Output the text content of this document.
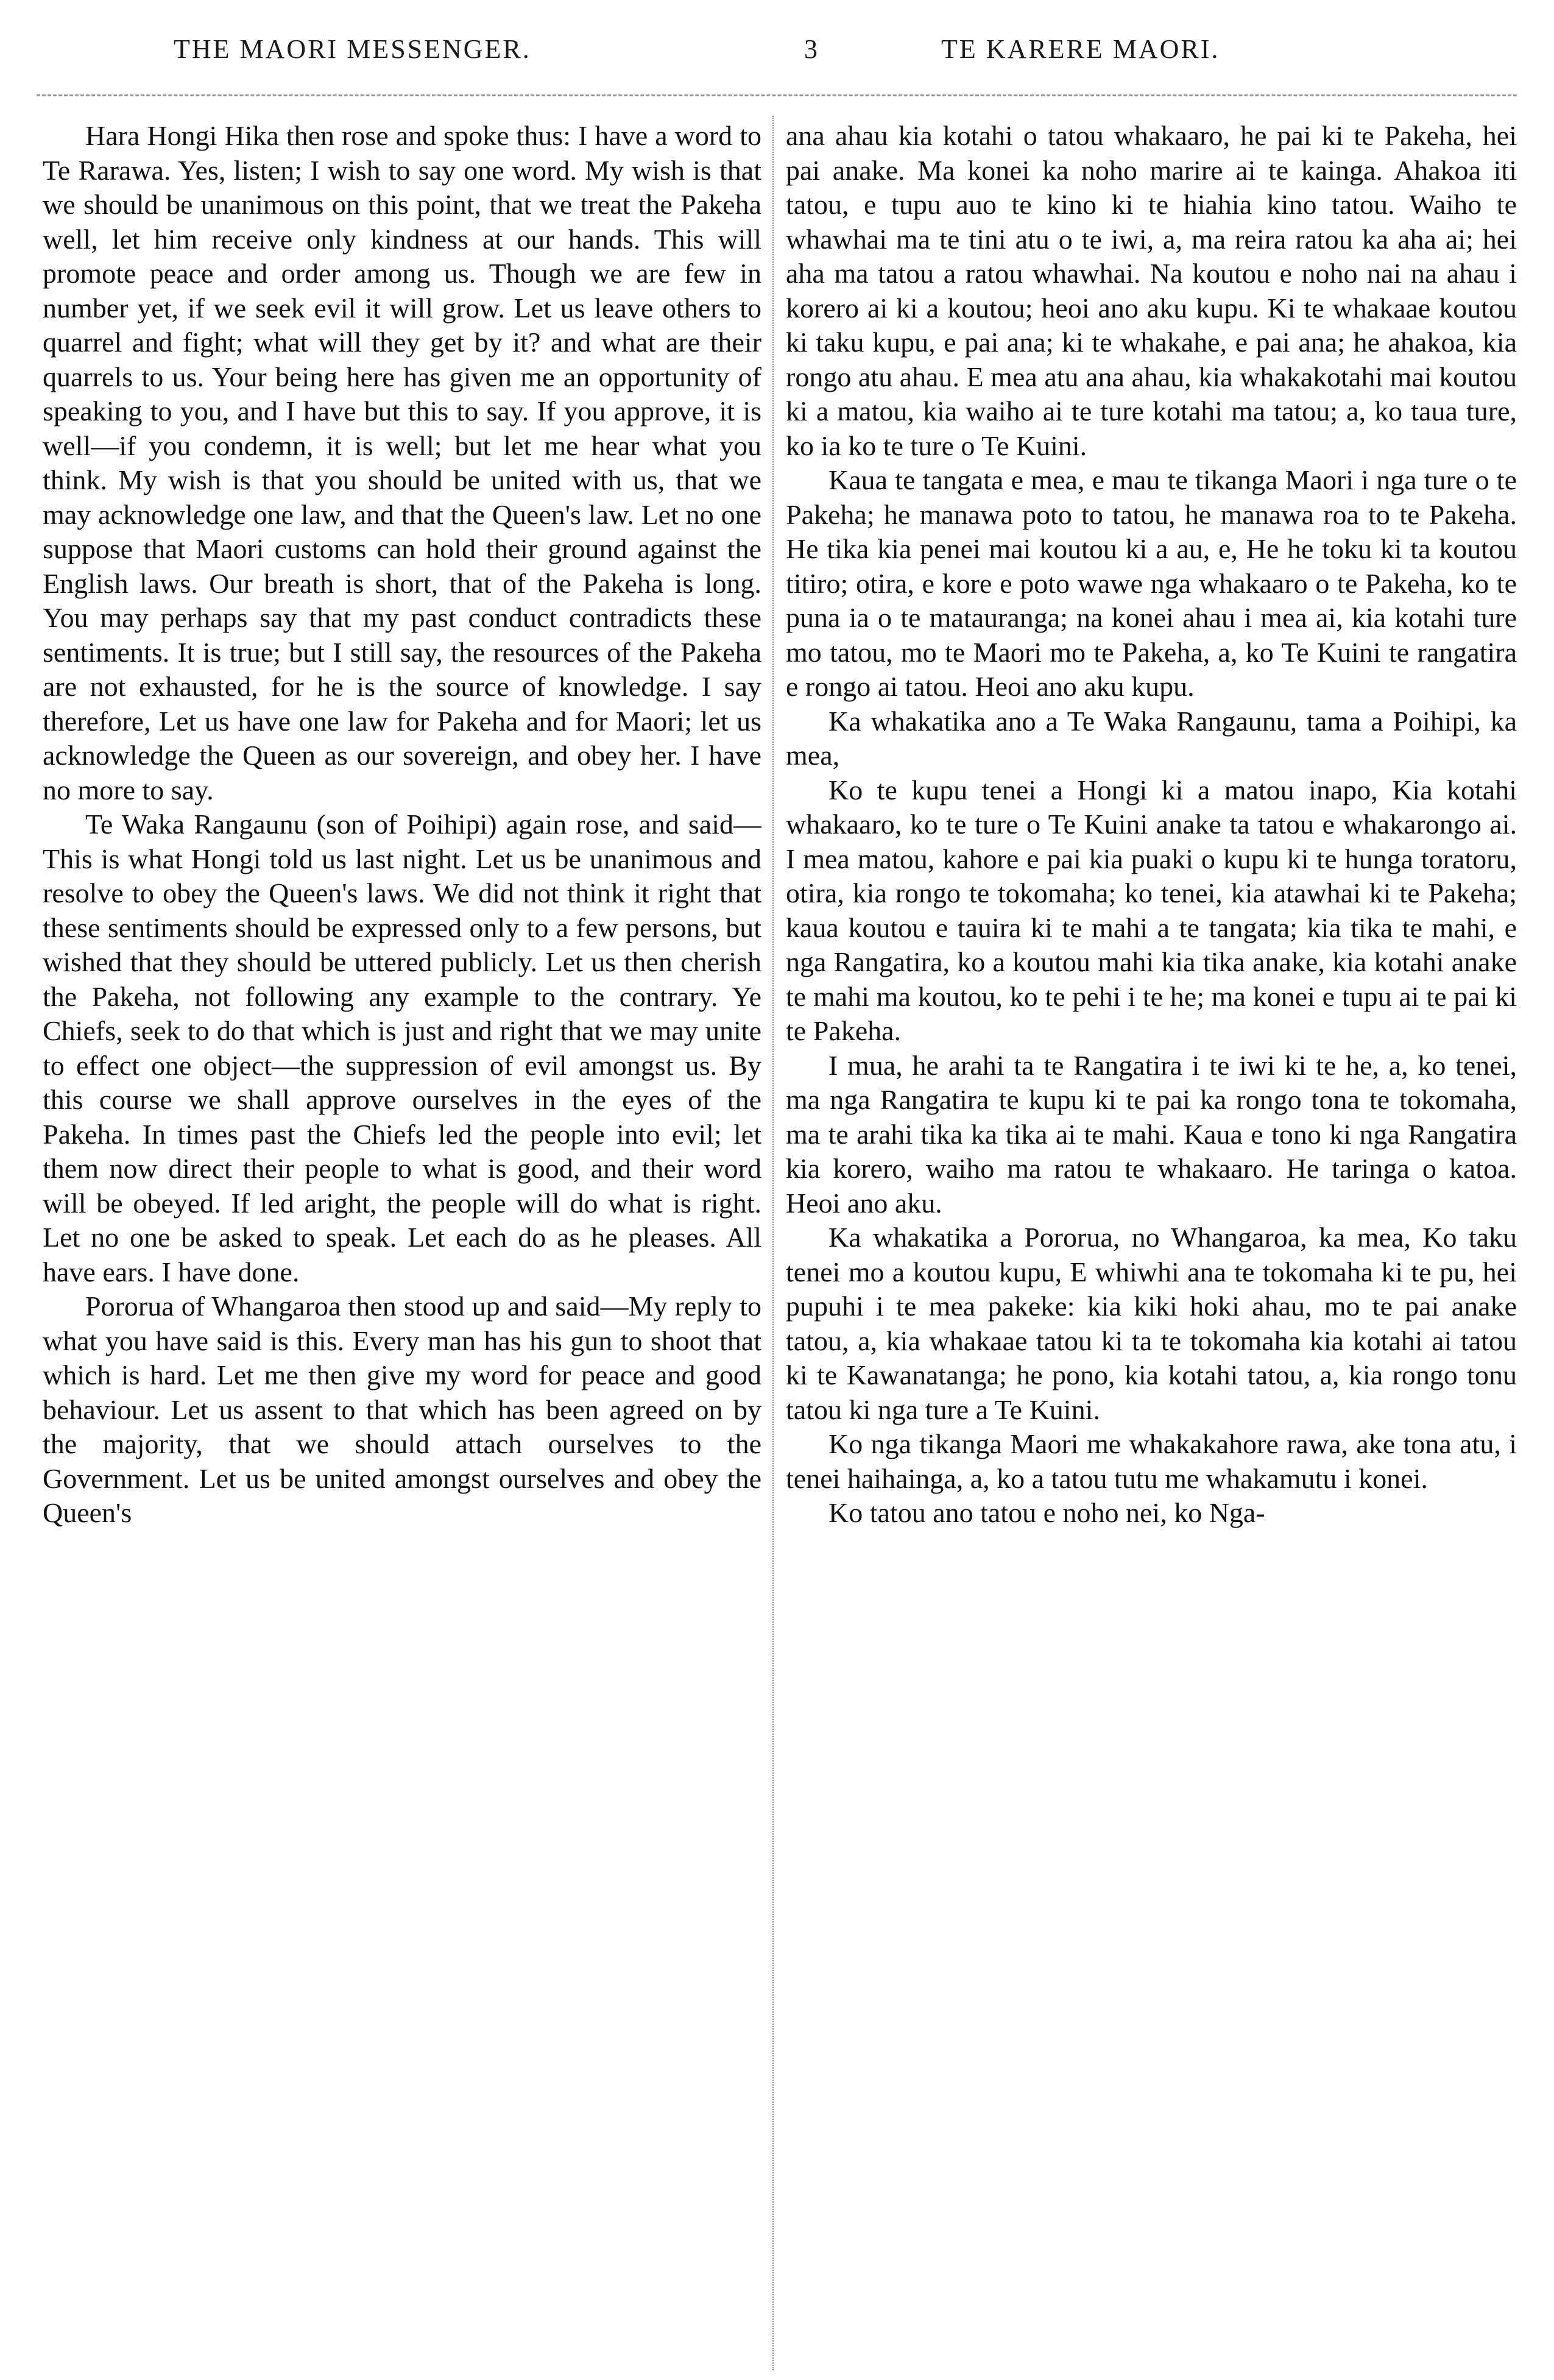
THE MAORI MESSENGER.	3	TE KARERE MAORI.

Hara Hongi Hika then rose and spoke thus: I have a word to Te Rarawa. Yes, listen; I wish to say one word. My wish is that we should be unanimous on this point, that we treat the Pakeha well, let him receive only kindness at our hands. This will promote peace and order among us. Though we are few in number yet, if we seek evil it will grow. Let us leave others to quarrel and fight; what will they get by it? and what are their quarrels to us. Your being here has given me an opportunity of speaking to you, and I have but this to say. If you approve, it is well—if you condemn, it is well; but let me hear what you think. My wish is that you should be united with us, that we may acknowledge one law, and that the Queen's law. Let no one suppose that Maori customs can hold their ground against the English laws. Our breath is short, that of the Pakeha is long. You may perhaps say that my past conduct contradicts these sentiments. It is true; but I still say, the resources of the Pakeha are not exhausted, for he is the source of knowledge. I say therefore, Let us have one law for Pakeha and for Maori; let us acknowledge the Queen as our sovereign, and obey her. I have no more to say.

Te Waka Rangaunu (son of Poihipi) again rose, and said—This is what Hongi told us last night. Let us be unanimous and resolve to obey the Queen's laws. We did not think it right that these sentiments should be expressed only to a few persons, but wished that they should be uttered publicly. Let us then cherish the Pakeha, not following any example to the contrary. Ye Chiefs, seek to do that which is just and right that we may unite to effect one object—the suppression of evil amongst us. By this course we shall approve ourselves in the eyes of the Pakeha. In times past the Chiefs led the people into evil; let them now direct their people to what is good, and their word will be obeyed. If led aright, the people will do what is right. Let no one be asked to speak. Let each do as he pleases. All have ears. I have done.

Pororua of Whangaroa then stood up and said—My reply to what you have said is this. Every man has his gun to shoot that which is hard. Let me then give my word for peace and good behaviour. Let us assent to that which has been agreed on by the majority, that we should attach ourselves to the Government. Let us be united amongst ourselves and obey the Queen's

ana ahau kia kotahi o tatou whakaaro, he pai ki te Pakeha, hei pai anake. Ma konei ka noho marire ai te kainga. Ahakoa iti tatou, e tupu auo te kino ki te hiahia kino tatou. Waiho te whawhai ma te tini atu o te iwi, a, ma reira ratou ka aha ai; hei aha ma tatou a ratou whawhai. Na koutou e noho nai na ahau i korero ai ki a koutou; heoi ano aku kupu. Ki te whakaae koutou ki taku kupu, e pai ana; ki te whakahe, e pai ana; he ahakoa, kia rongo atu ahau. E mea atu ana ahau, kia whakakotahi mai koutou ki a matou, kia waiho ai te ture kotahi ma tatou; a, ko taua ture, ko ia ko te ture o Te Kuini.

Kaua te tangata e mea, e mau te tikanga Maori i nga ture o te Pakeha; he manawa poto to tatou, he manawa roa to te Pakeha. He tika kia penei mai koutou ki a au, e, He he toku ki ta koutou titiro; otira, e kore e poto wawe nga whakaaro o te Pakeha, ko te puna ia o te matauranga; na konei ahau i mea ai, kia kotahi ture mo tatou, mo te Maori mo te Pakeha, a, ko Te Kuini te rangatira e rongo ai tatou. Heoi ano aku kupu.

Ka whakatika ano a Te Waka Rangaunu, tama a Poihipi, ka mea,

Ko te kupu tenei a Hongi ki a matou inapo, Kia kotahi whakaaro, ko te ture o Te Kuini anake ta tatou e whakarongo ai. I mea matou, kahore e pai kia puaki o kupu ki te hunga toratoru, otira, kia rongo te tokomaha; ko tenei, kia atawhai ki te Pakeha; kaua koutou e tauira ki te mahi a te tangata; kia tika te mahi, e nga Rangatira, ko a koutou mahi kia tika anake, kia kotahi anake te mahi ma koutou, ko te pehi i te he; ma konei e tupu ai te pai ki te Pakeha.

I mua, he arahi ta te Rangatira i te iwi ki te he, a, ko tenei, ma nga Rangatira te kupu ki te pai ka rongo tona te tokomaha, ma te arahi tika ka tika ai te mahi. Kaua e tono ki nga Rangatira kia korero, waiho ma ratou te whakaaro. He taringa o katoa. Heoi ano aku.

Ka whakatika a Pororua, no Whangaroa, ka mea, Ko taku tenei mo a koutou kupu, E whiwhi ana te tokomaha ki te pu, hei pupuhi i te mea pakeke: kia kiki hoki ahau, mo te pai anake tatou, a, kia whakaae tatou ki ta te tokomaha kia kotahi ai tatou ki te Kawanatanga; he pono, kia kotahi tatou, a, kia rongo tonu tatou ki nga ture a Te Kuini.

Ko nga tikanga Maori me whakakahore rawa, ake tona atu, i tenei haihainga, a, ko a tatou tutu me whakamutu i konei.

Ko tatou ano tatou e noho nei, ko Nga-
